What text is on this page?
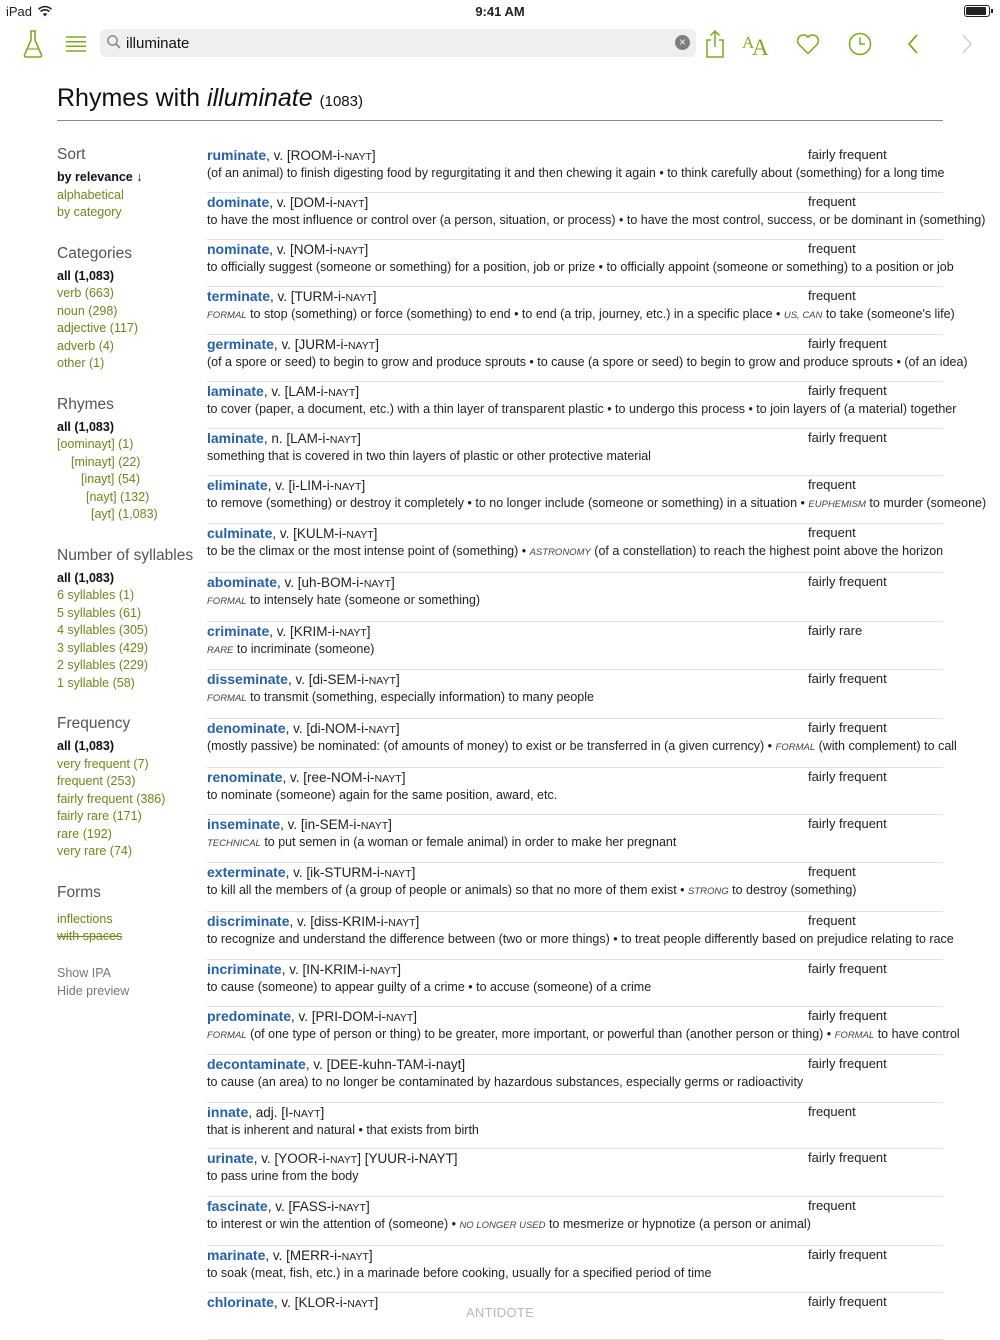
iPad	9:41 AM
illuminate
×	A
A
Rhymes with illuminate (1083)
Sort
by relevance ↓
alphabetical
by category
Categories
all (1,083)
verb (663)
noun (298)
adjective (117)
adverb (4)
other (1)
Rhymes
all (1,083)
[oominayt] (1)
[minayt] (22)
[inayt] (54)
[nayt] (132)
[ayt] (1,083)
Number of syllables
all (1,083)
6 syllables (1)
5 syllables (61)
4 syllables (305)
3 syllables (429)
2 syllables (229)
1 syllable (58)
Frequency
all (1,083)
very frequent (7)
frequent (253)
fairly frequent (386)
fairly rare (171)
rare (192)
very rare (74)
Forms
inflections
with spaces
Show IPA
Hide preview
ruminate, v. [ROOM-i-NAYT]	fairly frequent
(of an animal) to finish digesting food by regurgitating it and then chewing it again • to think carefully about (something) for a long time
dominate, v. [DOM-i-NAYT]	frequent
to have the most influence or control over (a person, situation, or process) • to have the most control, success, or be dominant in (something)
nominate, v. [NOM-i-NAYT]	frequent
to officially suggest (someone or something) for a position, job or prize • to officially appoint (someone or something) to a position or job
terminate, v. [TURM-i-NAYT]	frequent
FORMAL to stop (something) or force (something) to end • to end (a trip, journey, etc.) in a specific place • US, CAN to take (someone's life)
germinate, v. [JURM-i-NAYT]	fairly frequent
(of a spore or seed) to begin to grow and produce sprouts • to cause (a spore or seed) to begin to grow and produce sprouts • (of an idea)
laminate, v. [LAM-i-NAYT]	fairly frequent
to cover (paper, a document, etc.) with a thin layer of transparent plastic • to undergo this process • to join layers of (a material) together
laminate, n. [LAM-i-NAYT]	fairly frequent
something that is covered in two thin layers of plastic or other protective material
eliminate, v. [i-LIM-i-NAYT]	frequent
to remove (something) or destroy it completely • to no longer include (someone or something) in a situation • EUPHEMISM to murder (someone)
culminate, v. [KULM-i-NAYT]	frequent
to be the climax or the most intense point of (something) • ASTRONOMY (of a constellation) to reach the highest point above the horizon
abominate, v. [uh-BOM-i-NAYT]	fairly frequent
FORMAL to intensely hate (someone or something)
criminate, v. [KRIM-i-NAYT]	fairly rare
RARE to incriminate (someone)
disseminate, v. [di-SEM-i-NAYT]	fairly frequent
FORMAL to transmit (something, especially information) to many people
denominate, v. [di-NOM-i-NAYT]	fairly frequent
(mostly passive) be nominated: (of amounts of money) to exist or be transferred in (a given currency) • FORMAL (with complement) to call
renominate, v. [ree-NOM-i-NAYT]	fairly frequent
to nominate (someone) again for the same position, award, etc.
inseminate, v. [in-SEM-i-NAYT]	fairly frequent
TECHNICAL to put semen in (a woman or female animal) in order to make her pregnant
exterminate, v. [ik-STURM-i-NAYT]	frequent
to kill all the members of (a group of people or animals) so that no more of them exist • STRONG to destroy (something)
discriminate, v. [diss-KRIM-i-NAYT]	frequent
to recognize and understand the difference between (two or more things) • to treat people differently based on prejudice relating to race
incriminate, v. [IN-KRIM-i-NAYT]	fairly frequent
to cause (someone) to appear guilty of a crime • to accuse (someone) of a crime
predominate, v. [PRI-DOM-i-NAYT]	fairly frequent
FORMAL (of one type of person or thing) to be greater, more important, or powerful than (another person or thing) • FORMAL to have control
decontaminate, v. [DEE-kuhn-TAM-i-nayt]	fairly frequent
to cause (an area) to no longer be contaminated by hazardous substances, especially germs or radioactivity
innate, adj. [I-NAYT]	frequent
that is inherent and natural • that exists from birth
urinate, v. [YOOR-i-NAYT] [YUUR-i-NAYT]	fairly frequent
to pass urine from the body
fascinate, v. [FASS-i-NAYT]	frequent
to interest or win the attention of (someone) • NO LONGER USED to mesmerize or hypnotize (a person or animal)
marinate, v. [MERR-i-NAYT]	fairly frequent
to soak (meat, fish, etc.) in a marinade before cooking, usually for a specified period of time
chlorinate, v. [KLOR-i-NAYT]	fairly frequent
ANTIDOTE
